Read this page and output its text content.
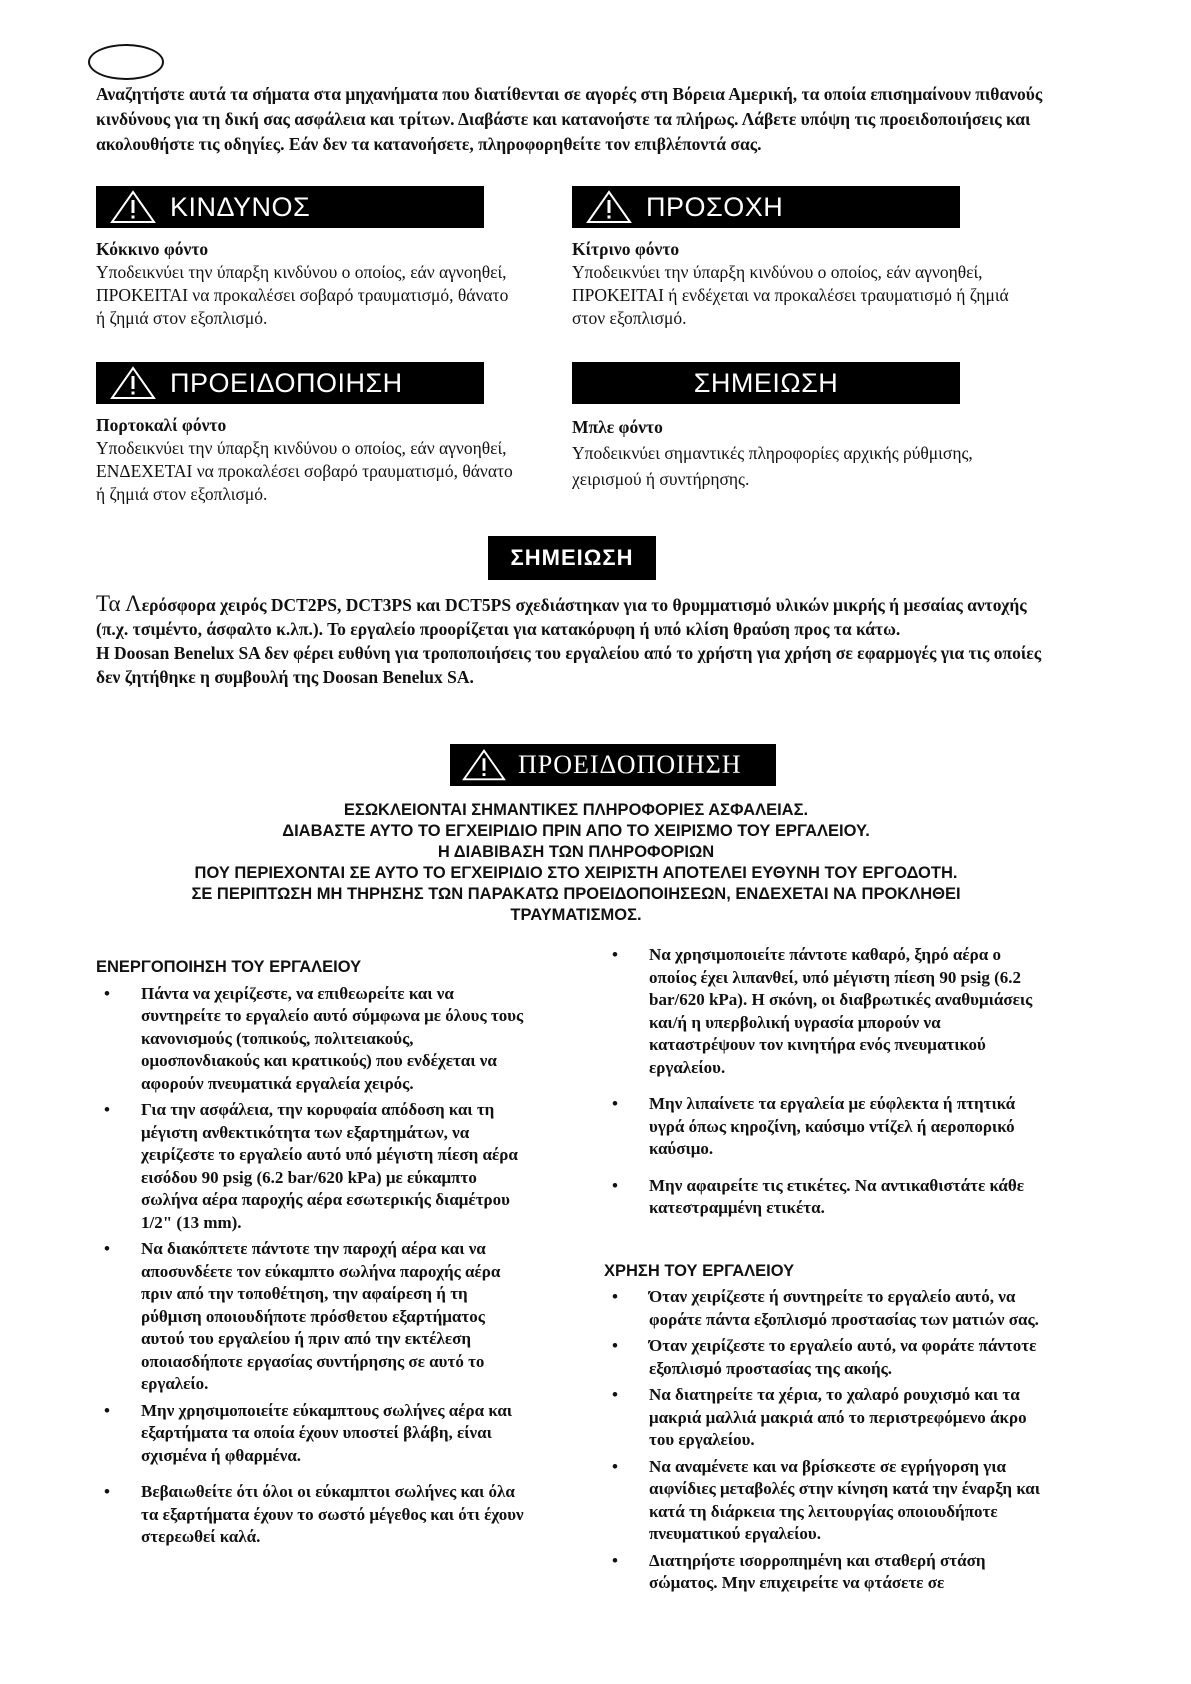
Αναζητήστε αυτά τα σήματα στα μηχανήματα που διατίθενται σε αγορές στη Βόρεια Αμερική, τα οποία επισημαίνουν πιθανούς κινδύνους για τη δική σας ασφάλεια και τρίτων. Διαβάστε και κατανοήστε τα πλήρως. Λάβετε υπόψη τις προειδοποιήσεις και ακολουθήστε τις οδηγίες. Εάν δεν τα κατανοήσετε, πληροφορηθείτε τον επιβλέποντά σας.
ΚΙΝΔΥΝΟΣ
Κόκκινο φόντο
Υποδεικνύει την ύπαρξη κινδύνου ο οποίος, εάν αγνοηθεί, ΠΡΟΚΕΙΤΑΙ να προκαλέσει σοβαρό τραυματισμό, θάνατο ή ζημιά στον εξοπλισμό.
ΠΡΟΣΟΧΗ
Κίτρινο φόντο
Υποδεικνύει την ύπαρξη κινδύνου ο οποίος, εάν αγνοηθεί, ΠΡΟΚΕΙΤΑΙ ή ενδέχεται να προκαλέσει τραυματισμό ή ζημιά στον εξοπλισμό.
ΠΡΟΕΙΔΟΠΟΙΗΣΗ
Πορτοκαλί φόντο
Υποδεικνύει την ύπαρξη κινδύνου ο οποίος, εάν αγνοηθεί, ΕΝΔΕΧΕΤΑΙ να προκαλέσει σοβαρό τραυματισμό, θάνατο ή ζημιά στον εξοπλισμό.
ΣΗΜΕΙΩΣΗ
Μπλε φόντο
Υποδεικνύει σημαντικές πληροφορίες αρχικής ρύθμισης, χειρισμού ή συντήρησης.
ΣΗΜΕΙΩΣΗ

Τα Λερόσφορα χειρός DCT2PS, DCT3PS και DCT5PS σχεδιάστηκαν για το θρυμματισμό υλικών μικρής ή μεσαίας αντοχής (π.χ. τσιμέντο, άσφαλτο κ.λπ.). Το εργαλείο προορίζεται για κατακόρυφη ή υπό κλίση θραύση προς τα κάτω.

Η Doosan Benelux SA δεν φέρει ευθύνη για τροποποιήσεις του εργαλείου από το χρήστη για χρήση σε εφαρμογές για τις οποίες δεν ζητήθηκε η συμβουλή της Doosan Benelux SA.

ΠΡΟΕΙΔΟΠΟΙΗΣΗ
ΕΣΩΚΛΕΙΟΝΤΑΙ ΣΗΜΑΝΤΙΚΕΣ ΠΛΗΡΟΦΟΡΙΕΣ ΑΣΦΑΛΕΙΑΣ.
ΔΙΑΒΑΣΤΕ ΑΥΤΟ ΤΟ ΕΓΧΕΙΡΙΔΙΟ ΠΡΙΝ ΑΠΟ ΤΟ ΧΕΙΡΙΣΜΟ ΤΟΥ ΕΡΓΑΛΕΙΟΥ.
Η ΔΙΑΒΙΒΑΣΗ ΤΩΝ ΠΛΗΡΟΦΟΡΙΩΝ
ΠΟΥ ΠΕΡΙΕΧΟΝΤΑΙ ΣΕ ΑΥΤΟ ΤΟ ΕΓΧΕΙΡΙΔΙΟ ΣΤΟ ΧΕΙΡΙΣΤΗ ΑΠΟΤΕΛΕΙ ΕΥΘΥΝΗ ΤΟΥ ΕΡΓΟΔΟΤΗ.
ΣΕ ΠΕΡΙΠΤΩΣΗ ΜΗ ΤΗΡΗΣΗΣ ΤΩΝ ΠΑΡΑΚΑΤΩ ΠΡΟΕΙΔΟΠΟΙΗΣΕΩΝ, ΕΝΔΕΧΕΤΑΙ ΝΑ ΠΡΟΚΛΗΘΕΙ
ΤΡΑΥΜΑΤΙΣΜΟΣ.
ΕΝΕΡΓΟΠΟΙΗΣΗ ΤΟΥ ΕΡΓΑΛΕΙΟΥ
• Πάντα να χειρίζεστε, να επιθεωρείτε και να συντηρείτε το εργαλείο αυτό σύμφωνα με όλους τους κανονισμούς (τοπικούς, πολιτειακούς, ομοσπονδιακούς και κρατικούς) που ενδέχεται να αφορούν πνευματικά εργαλεία χειρός.
• Για την ασφάλεια, την κορυφαία απόδοση και τη μέγιστη ανθεκτικότητα των εξαρτημάτων, να χειρίζεστε το εργαλείο αυτό υπό μέγιστη πίεση αέρα εισόδου 90 psig (6.2 bar/620 kPa) με εύκαμπτο σωλήνα αέρα παροχής αέρα εσωτερικής διαμέτρου 1/2" (13 mm).
• Να διακόπτετε πάντοτε την παροχή αέρα και να αποσυνδέετε τον εύκαμπτο σωλήνα παροχής αέρα πριν από την τοποθέτηση, την αφαίρεση ή τη ρύθμιση οποιουδήποτε πρόσθετου εξαρτήματος αυτού του εργαλείου ή πριν από την εκτέλεση οποιασδήποτε εργασίας συντήρησης σε αυτό το εργαλείο.
• Μην χρησιμοποιείτε εύκαμπτους σωλήνες αέρα και εξαρτήματα τα οποία έχουν υποστεί βλάβη, είναι σχισμένα ή φθαρμένα.
• Βεβαιωθείτε ότι όλοι οι εύκαμπτοι σωλήνες και όλα τα εξαρτήματα έχουν το σωστό μέγεθος και ότι έχουν στερεωθεί καλά.
• Να χρησιμοποιείτε πάντοτε καθαρό, ξηρό αέρα ο οποίος έχει λιπανθεί, υπό μέγιστη πίεση 90 psig (6.2 bar/620 kPa). Η σκόνη, οι διαβρωτικές αναθυμιάσεις και/ή η υπερβολική υγρασία μπορούν να καταστρέψουν τον κινητήρα ενός πνευματικού εργαλείου.
• Μην λιπαίνετε τα εργαλεία με εύφλεκτα ή πτητικά υγρά όπως κηροζίνη, καύσιμο ντίζελ ή αεροπορικό καύσιμο.
• Μην αφαιρείτε τις ετικέτες. Να αντικαθιστάτε κάθε κατεστραμμένη ετικέτα.
ΧΡΗΣΗ ΤΟΥ ΕΡΓΑΛΕΙΟΥ
• Όταν χειρίζεστε ή συντηρείτε το εργαλείο αυτό, να φοράτε πάντα εξοπλισμό προστασίας των ματιών σας.
• Όταν χειρίζεστε το εργαλείο αυτό, να φοράτε πάντοτε εξοπλισμό προστασίας της ακοής.
• Να διατηρείτε τα χέρια, το χαλαρό ρουχισμό και τα μακριά μαλλιά μακριά από το περιστρεφόμενο άκρο του εργαλείου.
• Να αναμένετε και να βρίσκεστε σε εγρήγορση για αιφνίδιες μεταβολές στην κίνηση κατά την έναρξη και κατά τη διάρκεια της λειτουργίας οποιουδήποτε πνευματικού εργαλείου.
• Διατηρήστε ισορροπημένη και σταθερή στάση σώματος. Μην επιχειρείτε να φτάσετε σε
